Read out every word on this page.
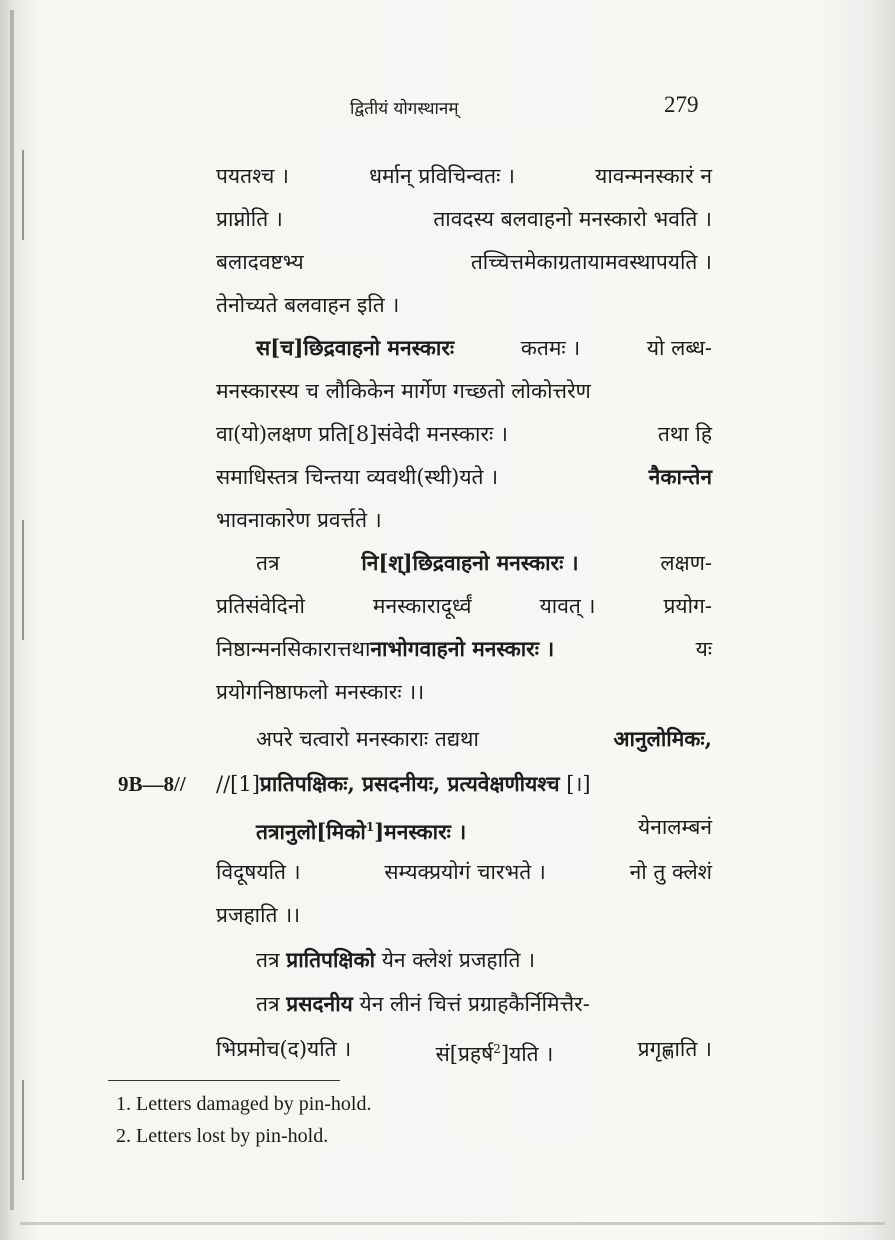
द्वितीयं योगस्थानम्	279
पयतश्च ।	धर्मान् प्रविचिन्वतः ।	यावन्मनस्कारं न
प्राप्नोति ।	तावदस्य बलवाहनो मनस्कारो भवति ।
बलादवष्टभ्य	तच्चित्तमेकाग्रतायामवस्थापयति ।
तेनोच्यते बलवाहन इति ।
स[च]छिद्रवाहनो मनस्कारः	कतमः ।	यो लब्ध-
मनस्कारस्य च लौकिकेन मार्गेण गच्छतो लोकोत्तरेण
वा(यो)लक्षण प्रति[8]संवेदी मनस्कारः ।	तथा हि
समाधिस्तत्र चिन्तया व्यवथी(स्थी)यते ।	नैकान्तेन
भावनाकारेण प्रवर्त्तते ।
तत्र	नि[श्]छिद्रवाहनो मनस्कारः ।	लक्षण-
प्रतिसंवेदिनो	मनस्कारादूर्ध्वं	यावत् ।	प्रयोग-
निष्ठान्मनसिकारात्तथानाभोगवाहनो मनस्कारः ।	यः
प्रयोगनिष्ठाफलो मनस्कारः ।।
अपरे चत्वारो मनस्काराः तद्यथा	आनुलोमिकः,
9B—8// //[1]प्रातिपक्षिकः, प्रसदनीयः, प्रत्यवेक्षणीयश्च [।]
तत्रानुलो[मिको$^1$]मनस्कारः ।	येनालम्बनं
विदूषयति ।	सम्यक्प्रयोगं चारभते ।	नो तु क्लेशं
प्रजहाति ।।
तत्र प्रातिपक्षिको येन क्लेशं प्रजहाति ।
तत्र प्रसदनीय येन लीनं चित्तं प्रग्राहकैर्निमित्तैर-
भिप्रमोच(द)यति ।	सं[प्रहर्ष$^2$]यति ।	प्रगृह्णाति ।
1. Letters damaged by pin-hold.
2. Letters lost by pin-hold.
